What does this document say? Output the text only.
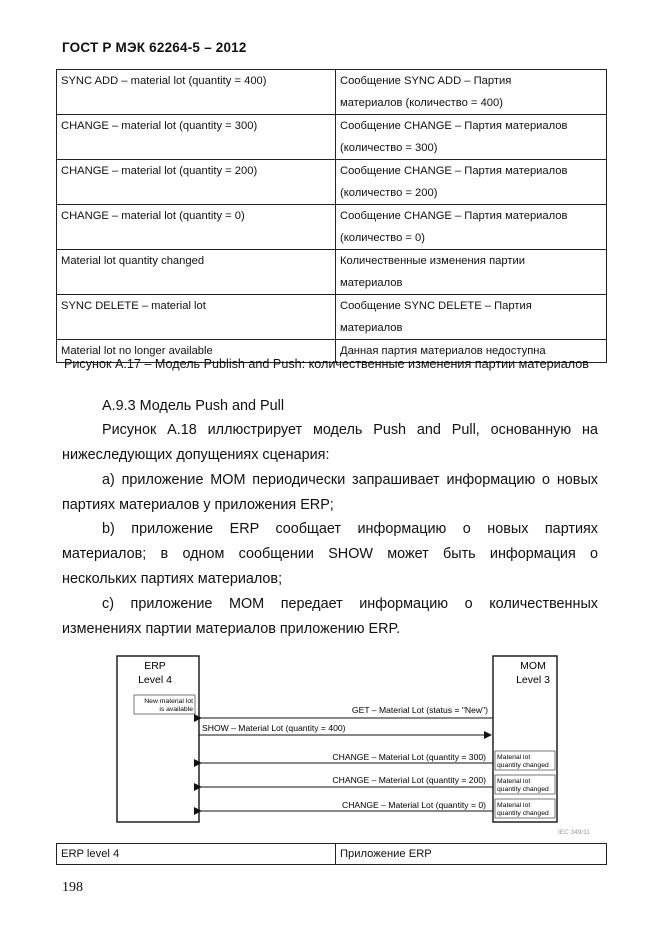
ГОСТ Р МЭК 62264-5 – 2012
SYNC ADD – material lot (quantity = 400)	Сообщение SYNC ADD – Партия
материалов (количество = 400)

CHANGE – material lot (quantity = 300)	Сообщение CHANGE – Партия материалов
(количество = 300)

CHANGE – material lot (quantity = 200)	Сообщение CHANGE – Партия материалов
(количество = 200)

CHANGE – material lot (quantity = 0)	Сообщение CHANGE – Партия материалов
(количество = 0)

Material lot quantity changed	Количественные изменения партии
материалов

SYNC DELETE – material lot	Сообщение SYNC DELETE – Партия
материалов

Material lot no longer available	Данная партия материалов недоступна
Рисунок А.17 – Модель Publish and Push: количественные изменения партии материалов
А.9.3 Модель Push and Pull
Рисунок А.18 иллюстрирует модель Push and Pull, основанную на
нижеследующих допущениях сценария:
а) приложение МОМ периодически запрашивает информацию о новых
партиях материалов у приложения ERP;
b) приложение ERP сообщает информацию о новых партиях
материалов; в одном сообщении SHOW может быть информация о
нескольких партиях материалов;
с) приложение МОМ передает информацию о количественных
изменениях партии материалов приложению ERP.
ERP
Level 4
New material lot
is available
MOM
Level 3
GET – Material Lot (status = "New")
SHOW – Material Lot (quantity = 400)
CHANGE – Material Lot (quantity = 300) Material lot
quantity changed
CHANGE – Material Lot (quantity = 200) Material lot
quantity changed
CHANGE – Material Lot (quantity = 0) Material lot
quantity changed
IEC 349/11
ERP level 4	Приложение ERP
198
